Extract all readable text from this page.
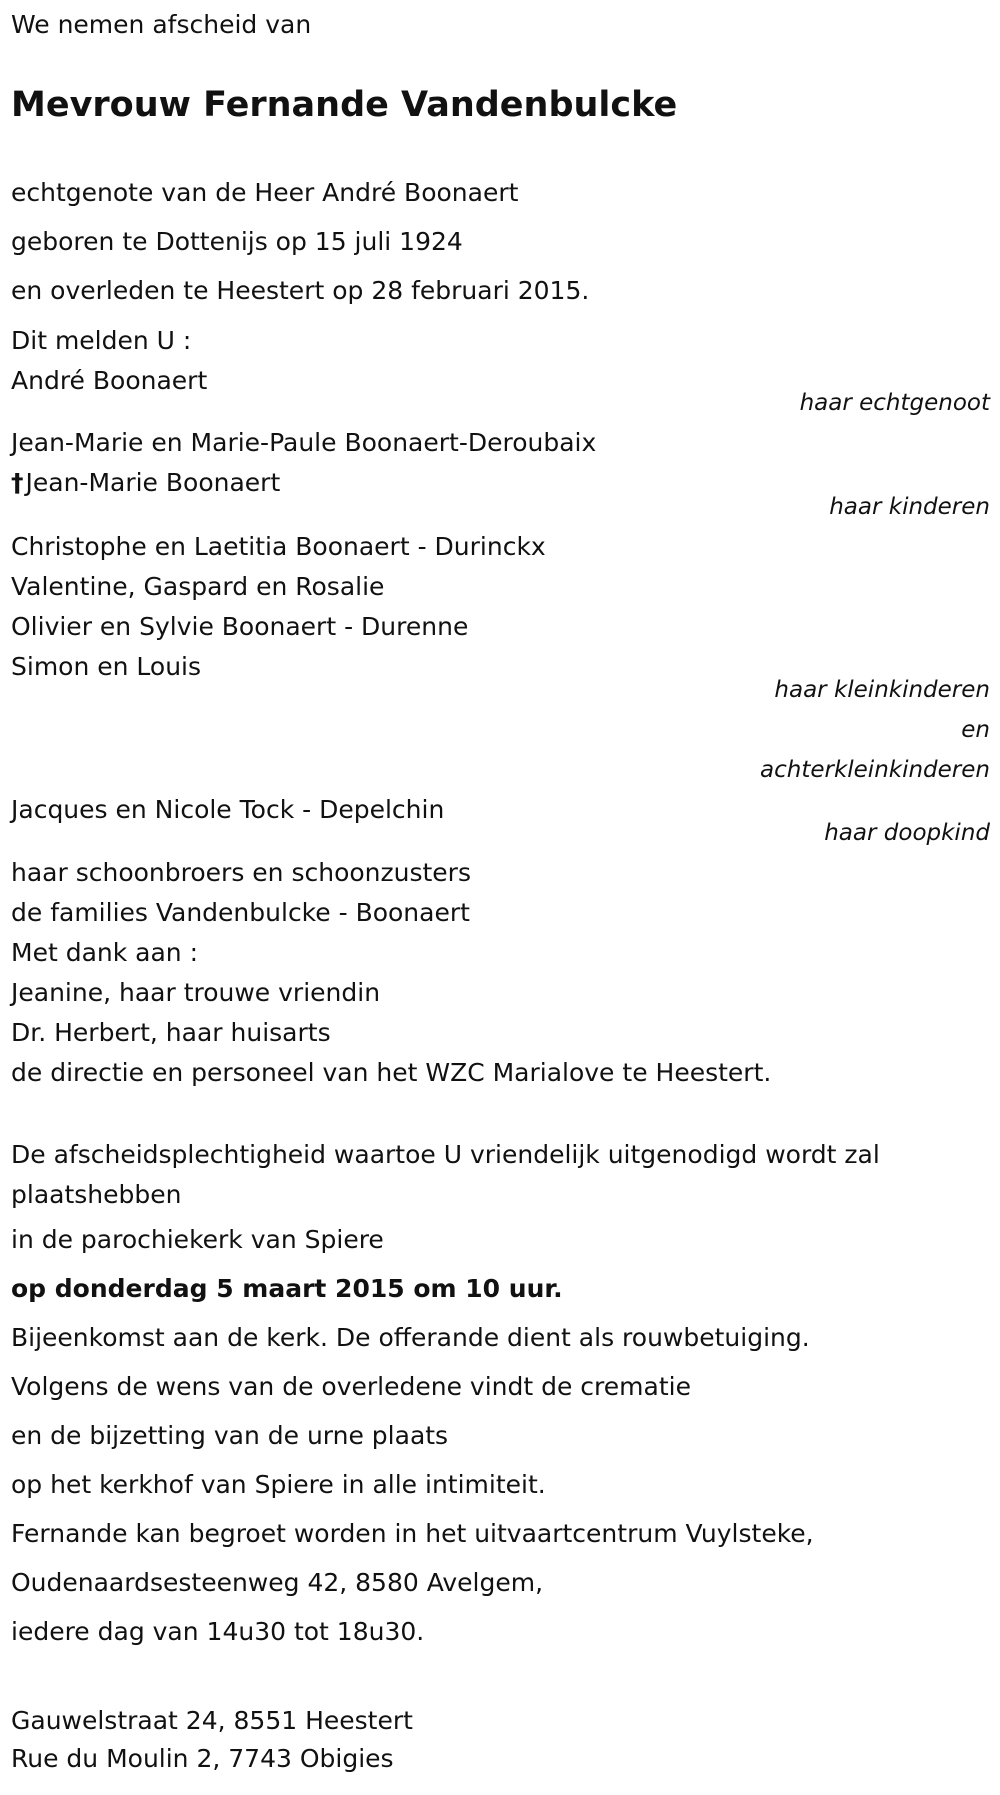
We nemen afscheid van
Mevrouw Fernande Vandenbulcke
echtgenote van de Heer André Boonaert
geboren te Dottenijs op 15 juli 1924
en overleden te Heestert op 28 februari 2015.
Dit melden U :
André Boonaert
haar echtgenoot
Jean-Marie en Marie-Paule Boonaert-Deroubaix
†Jean-Marie Boonaert
haar kinderen
Christophe en Laetitia Boonaert - Durinckx
Valentine, Gaspard en Rosalie
Olivier en Sylvie Boonaert - Durenne
Simon en Louis
haar kleinkinderen
en
achterkleinkinderen
Jacques en Nicole Tock - Depelchin
haar doopkind
haar schoonbroers en schoonzusters
de families Vandenbulcke - Boonaert
Met dank aan :
Jeanine, haar trouwe vriendin
Dr. Herbert, haar huisarts
de directie en personeel van het WZC Marialove te Heestert.
De afscheidsplechtigheid waartoe U vriendelijk uitgenodigd wordt zal
plaatshebben
in de parochiekerk van Spiere
op donderdag 5 maart 2015 om 10 uur.
Bijeenkomst aan de kerk. De offerande dient als rouwbetuiging.
Volgens de wens van de overledene vindt de crematie
en de bijzetting van de urne plaats
op het kerkhof van Spiere in alle intimiteit.
Fernande kan begroet worden in het uitvaartcentrum Vuylsteke,
Oudenaardsesteenweg 42, 8580 Avelgem,
iedere dag van 14u30 tot 18u30.
Gauwelstraat 24, 8551 Heestert
Rue du Moulin 2, 7743 Obigies
